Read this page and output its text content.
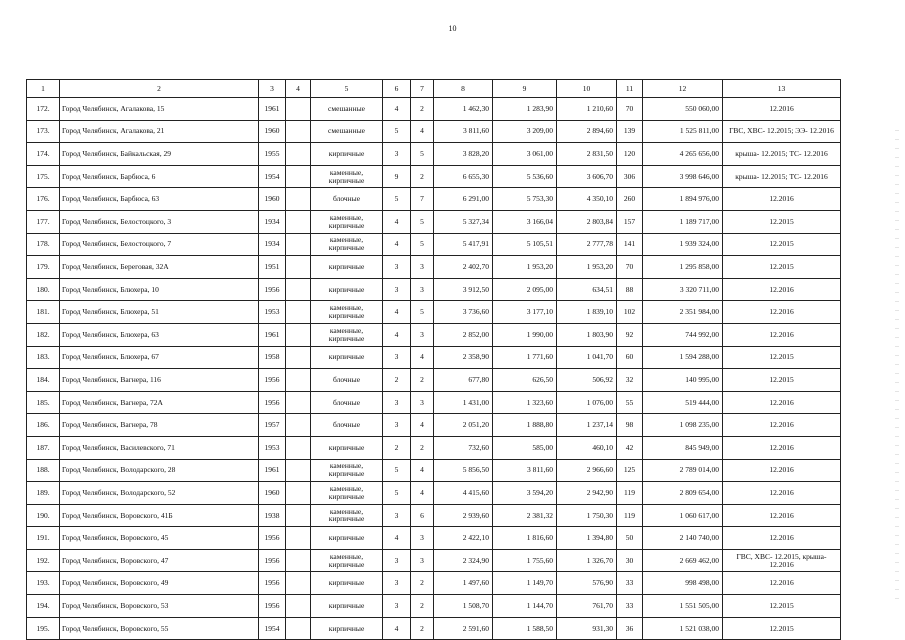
10
1	2	3	4	5	6	7	8	9	10	11	12	13
172.	Город Челябинск, Агалакова, 15	1961		смешанные	4	2	1 462,30	1 283,90	1 210,60	70	550 060,00	12.2016
173.	Город Челябинск, Агалакова, 21	1960		смешанные	5	4	3 811,60	3 209,00	2 894,60	139	1 525 811,00	ГВС, ХВС- 12.2015; ЭЭ- 12.2016
174.	Город Челябинск, Байкальская, 29	1955		кирпичные	3	5	3 828,20	3 061,00	2 831,50	120	4 265 656,00	крыша- 12.2015; ТС- 12.2016
175.	Город Челябинск, Барбюса, 6	1954		каменные, кирпичные	9	2	6 655,30	5 536,60	3 606,70	306	3 998 646,00	крыша- 12.2015; ТС- 12.2016
176.	Город Челябинск, Барбюса, 63	1960		блочные	5	7	6 291,00	5 753,30	4 350,10	260	1 894 976,00	12.2016
177.	Город Челябинск, Белостоцкого, 3	1934		каменные, кирпичные	4	5	5 327,34	3 166,04	2 803,84	157	1 189 717,00	12.2015
178.	Город Челябинск, Белостоцкого, 7	1934		каменные, кирпичные	4	5	5 417,91	5 105,51	2 777,78	141	1 939 324,00	12.2015
179.	Город Челябинск, Береговая, 32А	1951		кирпичные	3	3	2 402,70	1 953,20	1 953,20	70	1 295 858,00	12.2015
180.	Город Челябинск, Блюхера, 10	1956		кирпичные	3	3	3 912,50	2 095,00	634,51	88	3 320 711,00	12.2016
181.	Город Челябинск, Блюхера, 51	1953		каменные, кирпичные	4	5	3 736,60	3 177,10	1 839,10	102	2 351 984,00	12.2016
182.	Город Челябинск, Блюхера, 63	1961		каменные, кирпичные	4	3	2 852,00	1 990,00	1 803,90	92	744 992,00	12.2016
183.	Город Челябинск, Блюхера, 67	1958		кирпичные	3	4	2 358,90	1 771,60	1 041,70	60	1 594 288,00	12.2015
184.	Город Челябинск, Вагнера, 116	1956		блочные	2	2	677,80	626,50	506,92	32	140 995,00	12.2015
185.	Город Челябинск, Вагнера, 72А	1956		блочные	3	3	1 431,00	1 323,60	1 076,00	55	519 444,00	12.2016
186.	Город Челябинск, Вагнера, 78	1957		блочные	3	4	2 051,20	1 888,80	1 237,14	98	1 098 235,00	12.2016
187.	Город Челябинск, Василевского, 71	1953		кирпичные	2	2	732,60	585,00	460,10	42	845 949,00	12.2016
188.	Город Челябинск, Володарского, 28	1961		каменные, кирпичные	5	4	5 856,50	3 811,60	2 966,60	125	2 789 014,00	12.2016
189.	Город Челябинск, Володарского, 52	1960		каменные, кирпичные	5	4	4 415,60	3 594,20	2 942,90	119	2 809 654,00	12.2016
190.	Город Челябинск, Воровского, 41Б	1938		каменные, кирпичные	3	6	2 939,60	2 381,32	1 750,30	119	1 060 617,00	12.2016
191.	Город Челябинск, Воровского, 45	1956		кирпичные	4	3	2 422,10	1 816,60	1 394,80	50	2 140 740,00	12.2016
192.	Город Челябинск, Воровского, 47	1956		каменные, кирпичные	3	3	2 324,90	1 755,60	1 326,70	30	2 669 462,00	ГВС, ХВС- 12.2015, крыша- 12.2016
193.	Город Челябинск, Воровского, 49	1956		кирпичные	3	2	1 497,60	1 149,70	576,90	33	998 498,00	12.2016
194.	Город Челябинск, Воровского, 53	1956		кирпичные	3	2	1 508,70	1 144,70	761,70	33	1 551 505,00	12.2015
195.	Город Челябинск, Воровского, 55	1954		кирпичные	4	2	2 591,60	1 588,50	931,30	36	1 521 038,00	12.2015
